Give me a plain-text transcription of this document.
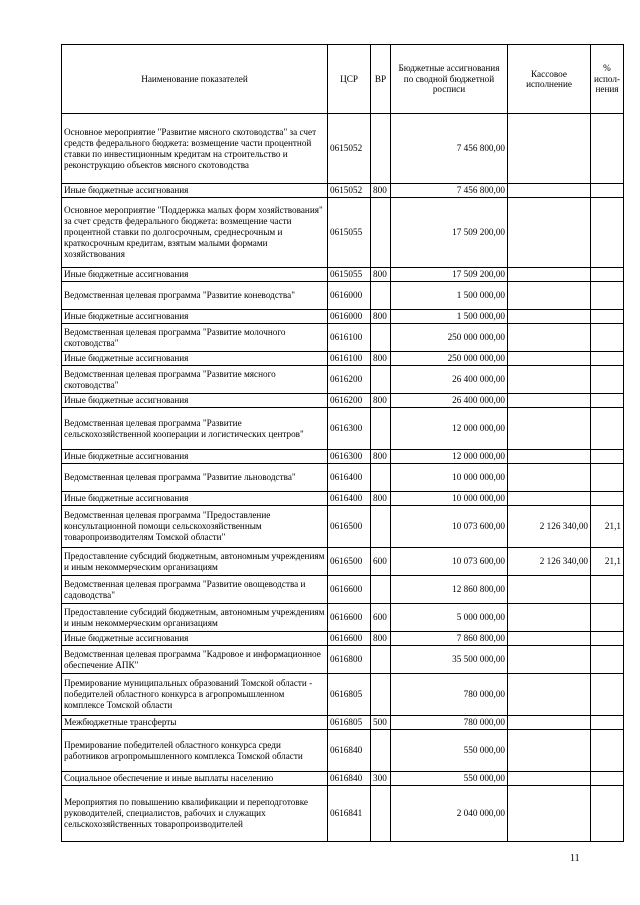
Наименование показателей	ЦСР	ВР	Бюджетные ассигнования по сводной бюджетной росписи	Кассовое исполнение	% испол-нения
Основное мероприятие "Развитие мясного скотоводства" за счет средств федерального бюджета: возмещение части процентной ставки по инвестиционным кредитам на строительство и реконструкцию объектов мясного скотоводства	0615052		7 456 800,00		
Иные бюджетные ассигнования	0615052	800	7 456 800,00		
Основное мероприятие "Поддержка малых форм хозяйствования" за счет средств федерального бюджета: возмещение части процентной ставки по долгосрочным, среднесрочным и краткосрочным кредитам, взятым малыми формами хозяйствования	0615055		17 509 200,00		
Иные бюджетные ассигнования	0615055	800	17 509 200,00		
Ведомственная целевая программа "Развитие коневодства"	0616000		1 500 000,00		
Иные бюджетные ассигнования	0616000	800	1 500 000,00		
Ведомственная целевая программа "Развитие молочного скотоводства"	0616100		250 000 000,00		
Иные бюджетные ассигнования	0616100	800	250 000 000,00		
Ведомственная целевая программа "Развитие мясного скотоводства"	0616200		26 400 000,00		
Иные бюджетные ассигнования	0616200	800	26 400 000,00		
Ведомственная целевая программа "Развитие сельскохозяйственной кооперации и логистических центров"	0616300		12 000 000,00		
Иные бюджетные ассигнования	0616300	800	12 000 000,00		
Ведомственная целевая программа "Развитие льноводства"	0616400		10 000 000,00		
Иные бюджетные ассигнования	0616400	800	10 000 000,00		
Ведомственная целевая программа "Предоставление консультационной помощи сельскохозяйственным товаропроизводителям Томской области"	0616500		10 073 600,00	2 126 340,00	21,1
Предоставление субсидий бюджетным, автономным учреждениям и иным некоммерческим организациям	0616500	600	10 073 600,00	2 126 340,00	21,1
Ведомственная целевая программа "Развитие овощеводства и садоводства"	0616600		12 860 800,00		
Предоставление субсидий бюджетным, автономным учреждениям и иным некоммерческим организациям	0616600	600	5 000 000,00		
Иные бюджетные ассигнования	0616600	800	7 860 800,00		
Ведомственная целевая программа "Кадровое и информационное обеспечение АПК"	0616800		35 500 000,00		
Премирование муниципальных образований Томской области - победителей областного конкурса в агропромышленном комплексе Томской области	0616805		780 000,00		
Межбюджетные трансферты	0616805	500	780 000,00		
Премирование победителей областного конкурса среди работников агропромышленного комплекса Томской области	0616840		550 000,00		
Социальное обеспечение и иные выплаты населению	0616840	300	550 000,00		
Мероприятия по повышению квалификации и переподготовке руководителей, специалистов, рабочих и служащих сельскохозяйственных товаропроизводителей	0616841		2 040 000,00		
11
